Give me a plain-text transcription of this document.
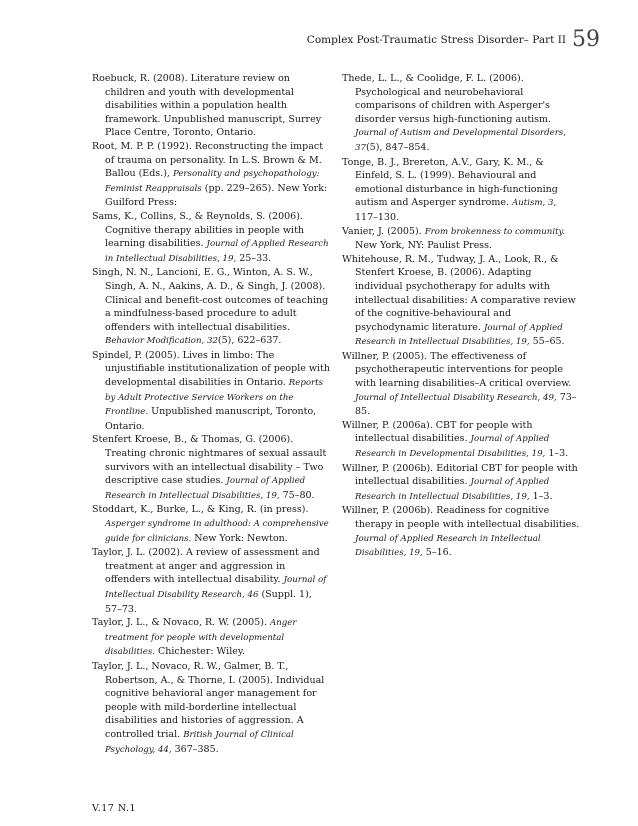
Complex Post-Traumatic Stress Disorder– Part II 59

Roebuck, R. (2008). Literature review on children and youth with developmental disabilities within a population health framework. Unpublished manuscript, Surrey Place Centre, Toronto, Ontario.

Root, M. P. P. (1992). Reconstructing the impact of trauma on personality. In L.S. Brown & M. Ballou (Eds.), Personality and psychopathology: Feminist Reappraisals (pp. 229–265). New York: Guilford Press:

Sams, K., Collins, S., & Reynolds, S. (2006). Cognitive therapy abilities in people with learning disabilities. Journal of Applied Research in Intellectual Disabilities, 19, 25–33.

Singh, N. N., Lancioni, E. G., Winton, A. S. W., Singh, A. N., Aakins, A. D., & Singh, J. (2008). Clinical and benefit-cost outcomes of teaching a mindfulness-based procedure to adult offenders with intellectual disabilities. Behavior Modification, 32(5), 622–637.

Spindel, P. (2005). Lives in limbo: The unjustifiable institutionalization of people with developmental disabilities in Ontario. Reports by Adult Protective Service Workers on the Frontline. Unpublished manuscript, Toronto, Ontario.

Stenfert Kroese, B., & Thomas, G. (2006). Treating chronic nightmares of sexual assault survivors with an intellectual disability – Two descriptive case studies. Journal of Applied Research in Intellectual Disabilities, 19, 75–80.

Stoddart, K., Burke, L., & King, R. (in press). Asperger syndrome in adulthood: A comprehensive guide for clinicians. New York: Newton.

Taylor, J. L. (2002). A review of assessment and treatment at anger and aggression in offenders with intellectual disability. Journal of Intellectual Disability Research, 46 (Suppl. 1), 57–73.

Taylor, J. L., & Novaco, R. W. (2005). Anger treatment for people with developmental disabilities. Chichester: Wiley.

Taylor, J. L., Novaco, R. W., Galmer, B. T., Robertson, A., & Thorne, I. (2005). Individual cognitive behavioral anger management for people with mild-borderline intellectual disabilities and histories of aggression. A controlled trial. British Journal of Clinical Psychology, 44, 367–385.

Thede, L. L., & Coolidge, F. L. (2006). Psychological and neurobehavioral comparisons of children with Asperger's disorder versus high-functioning autism. Journal of Autism and Developmental Disorders, 37(5), 847–854.

Tonge, B. J., Brereton, A.V., Gary, K. M., & Einfeld, S. L. (1999). Behavioural and emotional disturbance in high-functioning autism and Asperger syndrome. Autism, 3, 117–130.

Vanier, J. (2005). From brokenness to community. New York, NY: Paulist Press.

Whitehouse, R. M., Tudway, J. A., Look, R., & Stenfert Kroese, B. (2006). Adapting individual psychotherapy for adults with intellectual disabilities: A comparative review of the cognitive-behavioural and psychodynamic literature. Journal of Applied Research in Intellectual Disabilities, 19, 55–65.

Willner, P. (2005). The effectiveness of psychotherapeutic interventions for people with learning disabilities–A critical overview. Journal of Intellectual Disability Research, 49, 73–85.

Willner, P. (2006a). CBT for people with intellectual disabilities. Journal of Applied Research in Developmental Disabilities, 19, 1–3.

Willner, P. (2006b). Editorial CBT for people with intellectual disabilities. Journal of Applied Research in Intellectual Disabilities, 19, 1–3.

Willner, P. (2006b). Readiness for cognitive therapy in people with intellectual disabilities. Journal of Applied Research in Intellectual Disabilities, 19, 5–16.

V.17 N.1
